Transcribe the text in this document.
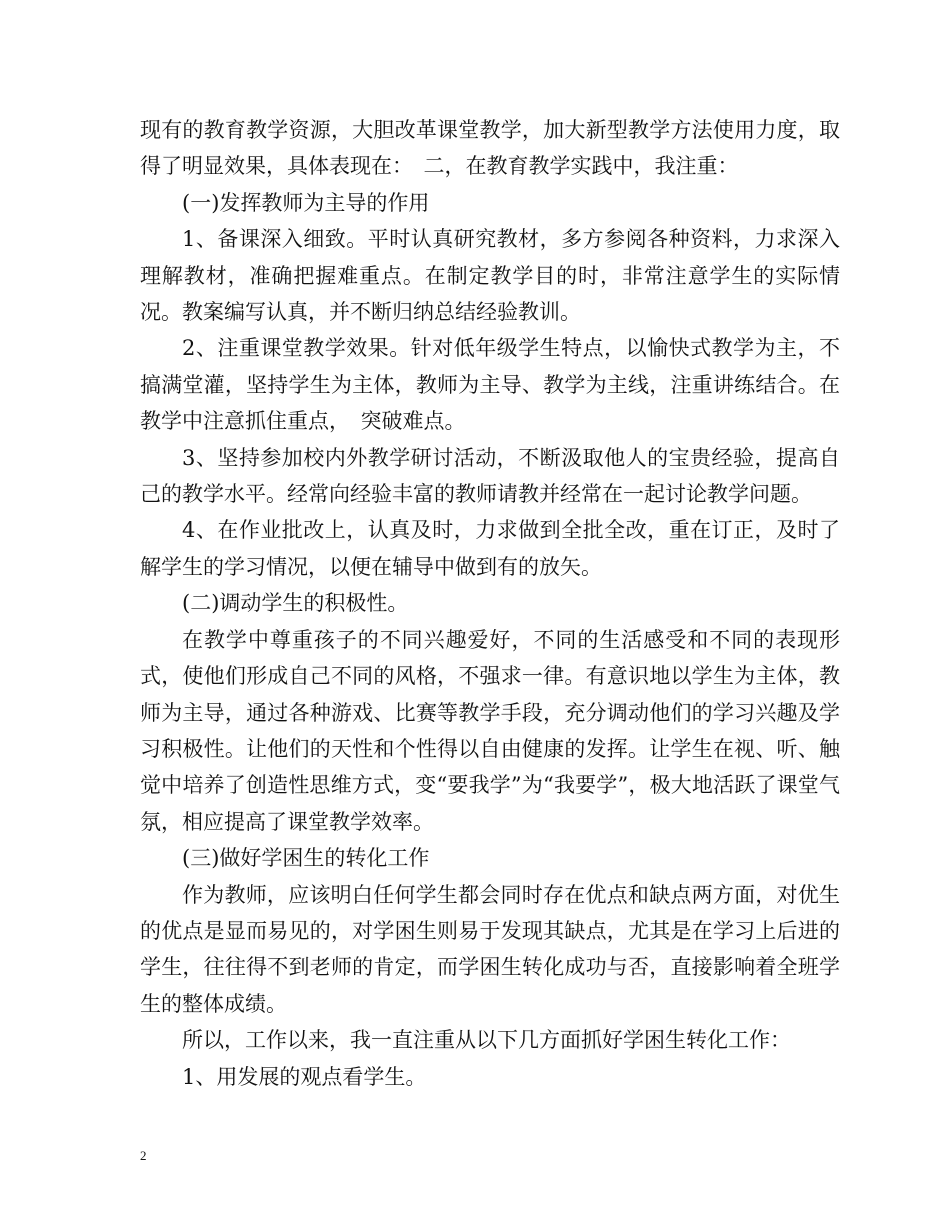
现有的教育教学资源，大胆改革课堂教学，加大新型教学方法使用力度，取得了明显效果，具体表现在：　二，在教育教学实践中，我注重：

(一)发挥教师为主导的作用

1、备课深入细致。平时认真研究教材，多方参阅各种资料，力求深入理解教材，准确把握难重点。在制定教学目的时，非常注意学生的实际情况。教案编写认真，并不断归纳总结经验教训。

2、注重课堂教学效果。针对低年级学生特点，以愉快式教学为主，不搞满堂灌，坚持学生为主体，教师为主导、教学为主线，注重讲练结合。在教学中注意抓住重点，　突破难点。

3、坚持参加校内外教学研讨活动，不断汲取他人的宝贵经验，提高自己的教学水平。经常向经验丰富的教师请教并经常在一起讨论教学问题。

4、在作业批改上，认真及时，力求做到全批全改，重在订正，及时了解学生的学习情况，以便在辅导中做到有的放矢。

(二)调动学生的积极性。

在教学中尊重孩子的不同兴趣爱好，不同的生活感受和不同的表现形式，使他们形成自己不同的风格，不强求一律。有意识地以学生为主体，教师为主导，通过各种游戏、比赛等教学手段，充分调动他们的学习兴趣及学习积极性。让他们的天性和个性得以自由健康的发挥。让学生在视、听、触觉中培养了创造性思维方式，变“要我学”为“我要学”，极大地活跃了课堂气氛，相应提高了课堂教学效率。

(三)做好学困生的转化工作

作为教师，应该明白任何学生都会同时存在优点和缺点两方面，对优生的优点是显而易见的，对学困生则易于发现其缺点，尤其是在学习上后进的学生，往往得不到老师的肯定，而学困生转化成功与否，直接影响着全班学生的整体成绩。

所以，工作以来，我一直注重从以下几方面抓好学困生转化工作：

1、用发展的观点看学生。

2
